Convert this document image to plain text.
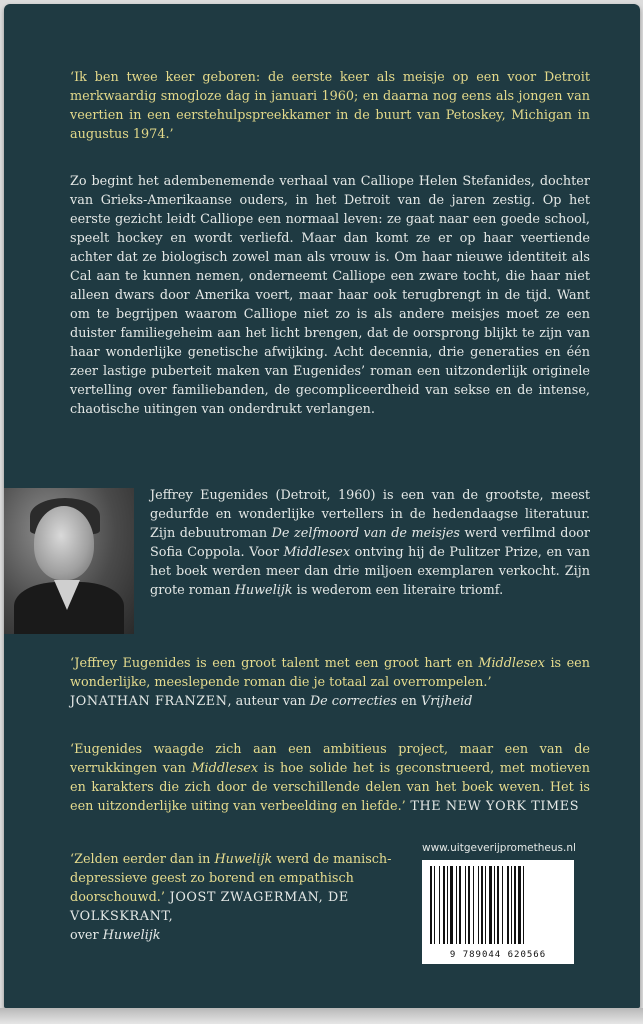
‘Ik ben twee keer geboren: de eerste keer als meisje op een voor Detroit merkwaardig smogloze dag in januari 1960; en daarna nog eens als jongen van veertien in een eerstehulpspreekkamer in de buurt van Petoskey, Michigan in augustus 1974.’

Zo begint het adembenemende verhaal van Calliope Helen Stefanides, dochter van Grieks-Amerikaanse ouders, in het Detroit van de jaren zestig. Op het eerste gezicht leidt Calliope een normaal leven: ze gaat naar een goede school, speelt hockey en wordt verliefd. Maar dan komt ze er op haar veertiende achter dat ze biologisch zowel man als vrouw is. Om haar nieuwe identiteit als Cal aan te kunnen nemen, onderneemt Calliope een zware tocht, die haar niet alleen dwars door Amerika voert, maar haar ook terugbrengt in de tijd. Want om te begrijpen waarom Calliope niet zo is als andere meisjes moet ze een duister familiegeheim aan het licht brengen, dat de oorsprong blijkt te zijn van haar wonderlijke genetische afwijking. Acht decennia, drie generaties en één zeer lastige puberteit maken van Eugenides’ roman een uitzonderlijk originele vertelling over familiebanden, de gecompliceerdheid van sekse en de intense, chaotische uitingen van onderdrukt verlangen.

Jeffrey Eugenides (Detroit, 1960) is een van de grootste, meest gedurfde en wonderlijke vertellers in de hedendaagse literatuur. Zijn debuutroman De zelfmoord van de meisjes werd verfilmd door Sofia Coppola. Voor Middlesex ontving hij de Pulitzer Prize, en van het boek werden meer dan drie miljoen exemplaren verkocht. Zijn grote roman Huwelijk is wederom een literaire triomf.

‘Jeffrey Eugenides is een groot talent met een groot hart en Middlesex is een wonderlijke, meeslepende roman die je totaal zal overrompelen.’
JONATHAN FRANZEN, auteur van De correcties en Vrijheid

‘Eugenides waagde zich aan een ambitieus project, maar een van de verrukkingen van Middlesex is hoe solide het is geconstrueerd, met motieven en karakters die zich door de verschillende delen van het boek weven. Het is een uitzonderlijke uiting van verbeelding en liefde.’ THE NEW YORK TIMES

‘Zelden eerder dan in Huwelijk werd de manisch-depressieve geest zo borend en empathisch doorschouwd.’ JOOST ZWAGERMAN, DE VOLKSKRANT,
over Huwelijk

www.uitgeverijprometheus.nl
9 789044 620566
